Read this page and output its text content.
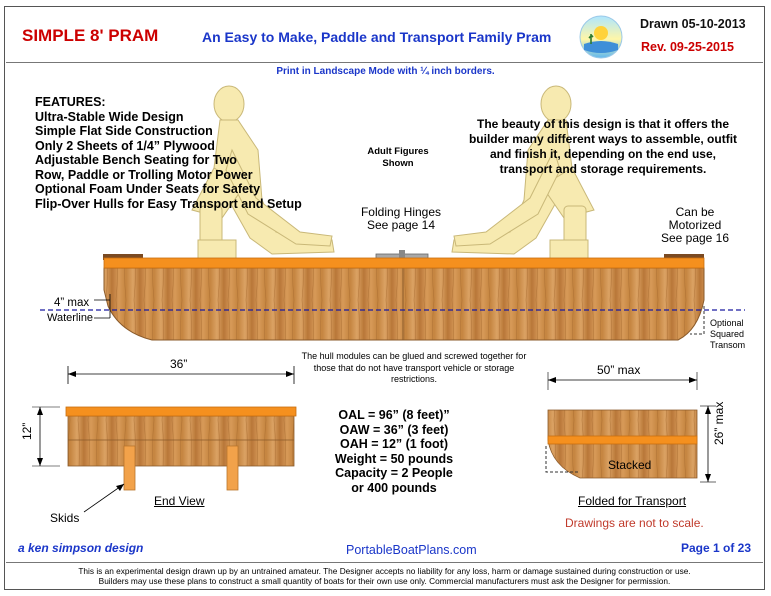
SIMPLE 8' PRAM	An Easy to Make, Paddle and Transport Family Pram
Drawn 05-10-2013
Rev. 09-25-2015
Print in Landscape Mode with ¼ inch borders.
FEATURES:
Ultra-Stable Wide Design
Simple Flat Side Construction
Only 2 Sheets of 1/4” Plywood
Adjustable Bench Seating for Two
Row, Paddle or Trolling Motor Power
Optional Foam Under Seats for Safety
Flip-Over Hulls for Easy Transport and Setup
The beauty of this design is that it offers the builder many different ways to assemble, outfit and finish it, depending on the end use, transport and storage requirements.
Adult Figures
Shown
Folding Hinges
See page 14
Can be
Motorized
See page 16
4” max
Waterline	Optional
Squared
Transom
The hull modules can be glued and screwed together for those that do not have transport vehicle or storage restrictions.
36”	50” max
12”	26” max
OAL = 96” (8 feet)”
OAW = 36” (3 feet)
OAH = 12” (1 foot)
Weight = 50 pounds
Capacity = 2 People
or 400 pounds
End View
Skids
Stacked
Folded for Transport
Drawings are not to scale.
a ken simpson design	PortableBoatPlans.com	Page 1 of 23
This is an experimental design drawn up by an untrained amateur. The Designer accepts no liability for any loss, harm or damage sustained during construction or use.
Builders may use these plans to construct a small quantity of boats for their own use only. Commercial manufacturers must ask the Designer for permission.
